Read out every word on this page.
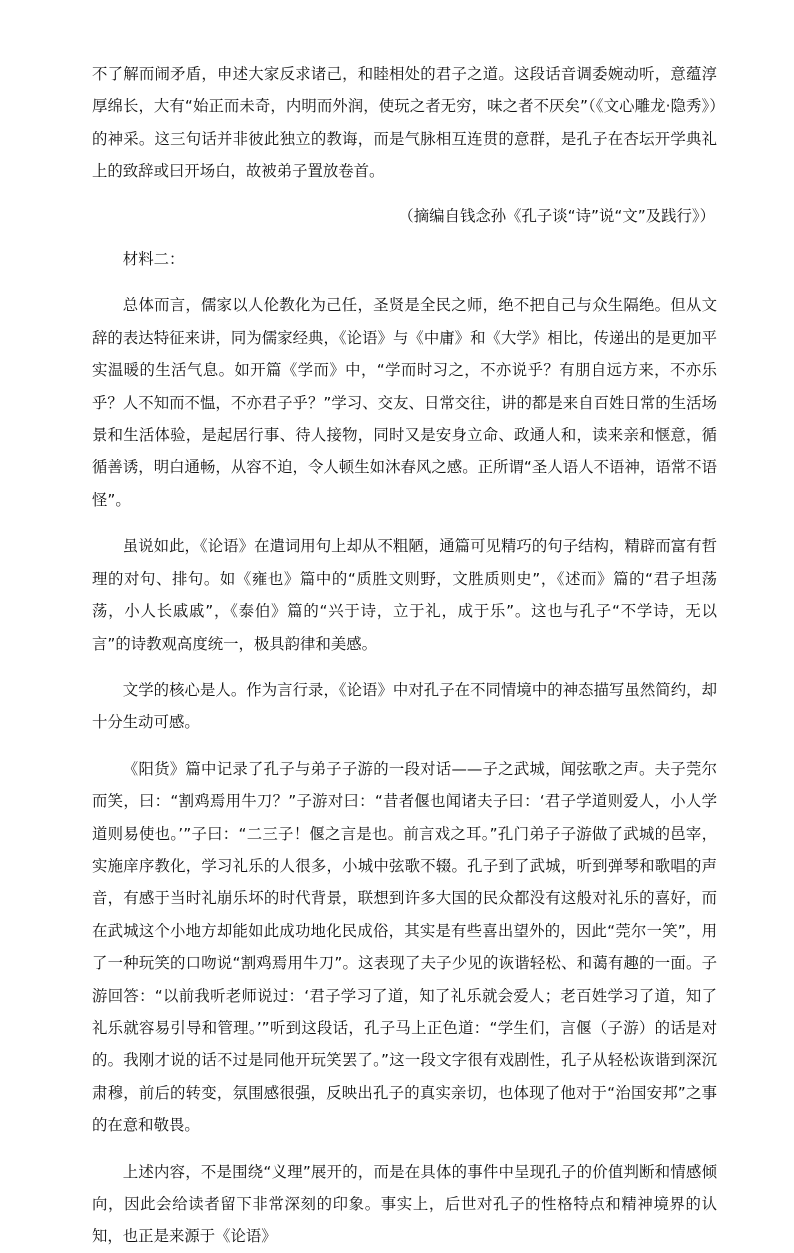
不了解而闹矛盾，申述大家反求诸己，和睦相处的君子之道。这段话音调委婉动听，意蕴淳厚绵长，大有“始正而未奇，内明而外润，使玩之者无穷，味之者不厌矣”（《文心雕龙·隐秀》）的神采。这三句话并非彼此独立的教诲，而是气脉相互连贯的意群，是孔子在杏坛开学典礼上的致辞或曰开场白，故被弟子置放卷首。

（摘编自钱念孙《孔子谈“诗”说“文”及践行》）

材料二：

总体而言，儒家以人伦教化为己任，圣贤是全民之师，绝不把自己与众生隔绝。但从文辞的表达特征来讲，同为儒家经典，《论语》与《中庸》和《大学》相比，传递出的是更加平实温暖的生活气息。如开篇《学而》中，“学而时习之，不亦说乎？有朋自远方来，不亦乐乎？人不知而不愠，不亦君子乎？”学习、交友、日常交往，讲的都是来自百姓日常的生活场景和生活体验，是起居行事、待人接物，同时又是安身立命、政通人和，读来亲和惬意，循循善诱，明白通畅，从容不迫，令人顿生如沐春风之感。正所谓“圣人语人不语神，语常不语怪”。

虽说如此，《论语》在遣词用句上却从不粗陋，通篇可见精巧的句子结构，精辟而富有哲理的对句、排句。如《雍也》篇中的“质胜文则野，文胜质则史”，《述而》篇的“君子坦荡荡，小人长戚戚”，《泰伯》篇的“兴于诗，立于礼，成于乐”。这也与孔子“不学诗，无以言”的诗教观高度统一，极具韵律和美感。

文学的核心是人。作为言行录，《论语》中对孔子在不同情境中的神态描写虽然简约，却十分生动可感。

《阳货》篇中记录了孔子与弟子子游的一段对话——子之武城，闻弦歌之声。夫子莞尔而笑，曰：“割鸡焉用牛刀？”子游对曰：“昔者偃也闻诸夫子曰：‘君子学道则爱人，小人学道则易使也。’”子曰：“二三子！偃之言是也。前言戏之耳。”孔门弟子子游做了武城的邑宰，实施庠序教化，学习礼乐的人很多，小城中弦歌不辍。孔子到了武城，听到弹琴和歌唱的声音，有感于当时礼崩乐坏的时代背景，联想到许多大国的民众都没有这般对礼乐的喜好，而在武城这个小地方却能如此成功地化民成俗，其实是有些喜出望外的，因此“莞尔一笑”，用了一种玩笑的口吻说“割鸡焉用牛刀”。这表现了夫子少见的诙谐轻松、和蔼有趣的一面。子游回答：“以前我听老师说过：‘君子学习了道，知了礼乐就会爱人；老百姓学习了道，知了礼乐就容易引导和管理。’”听到这段话，孔子马上正色道：“学生们，言偃（子游）的话是对的。我刚才说的话不过是同他开玩笑罢了。”这一段文字很有戏剧性，孔子从轻松诙谐到深沉肃穆，前后的转变，氛围感很强，反映出孔子的真实亲切，也体现了他对于“治国安邦”之事的在意和敬畏。

上述内容，不是围绕“义理”展开的，而是在具体的事件中呈现孔子的价值判断和情感倾向，因此会给读者留下非常深刻的印象。事实上，后世对孔子的性格特点和精神境界的认知，也正是来源于《论语》
